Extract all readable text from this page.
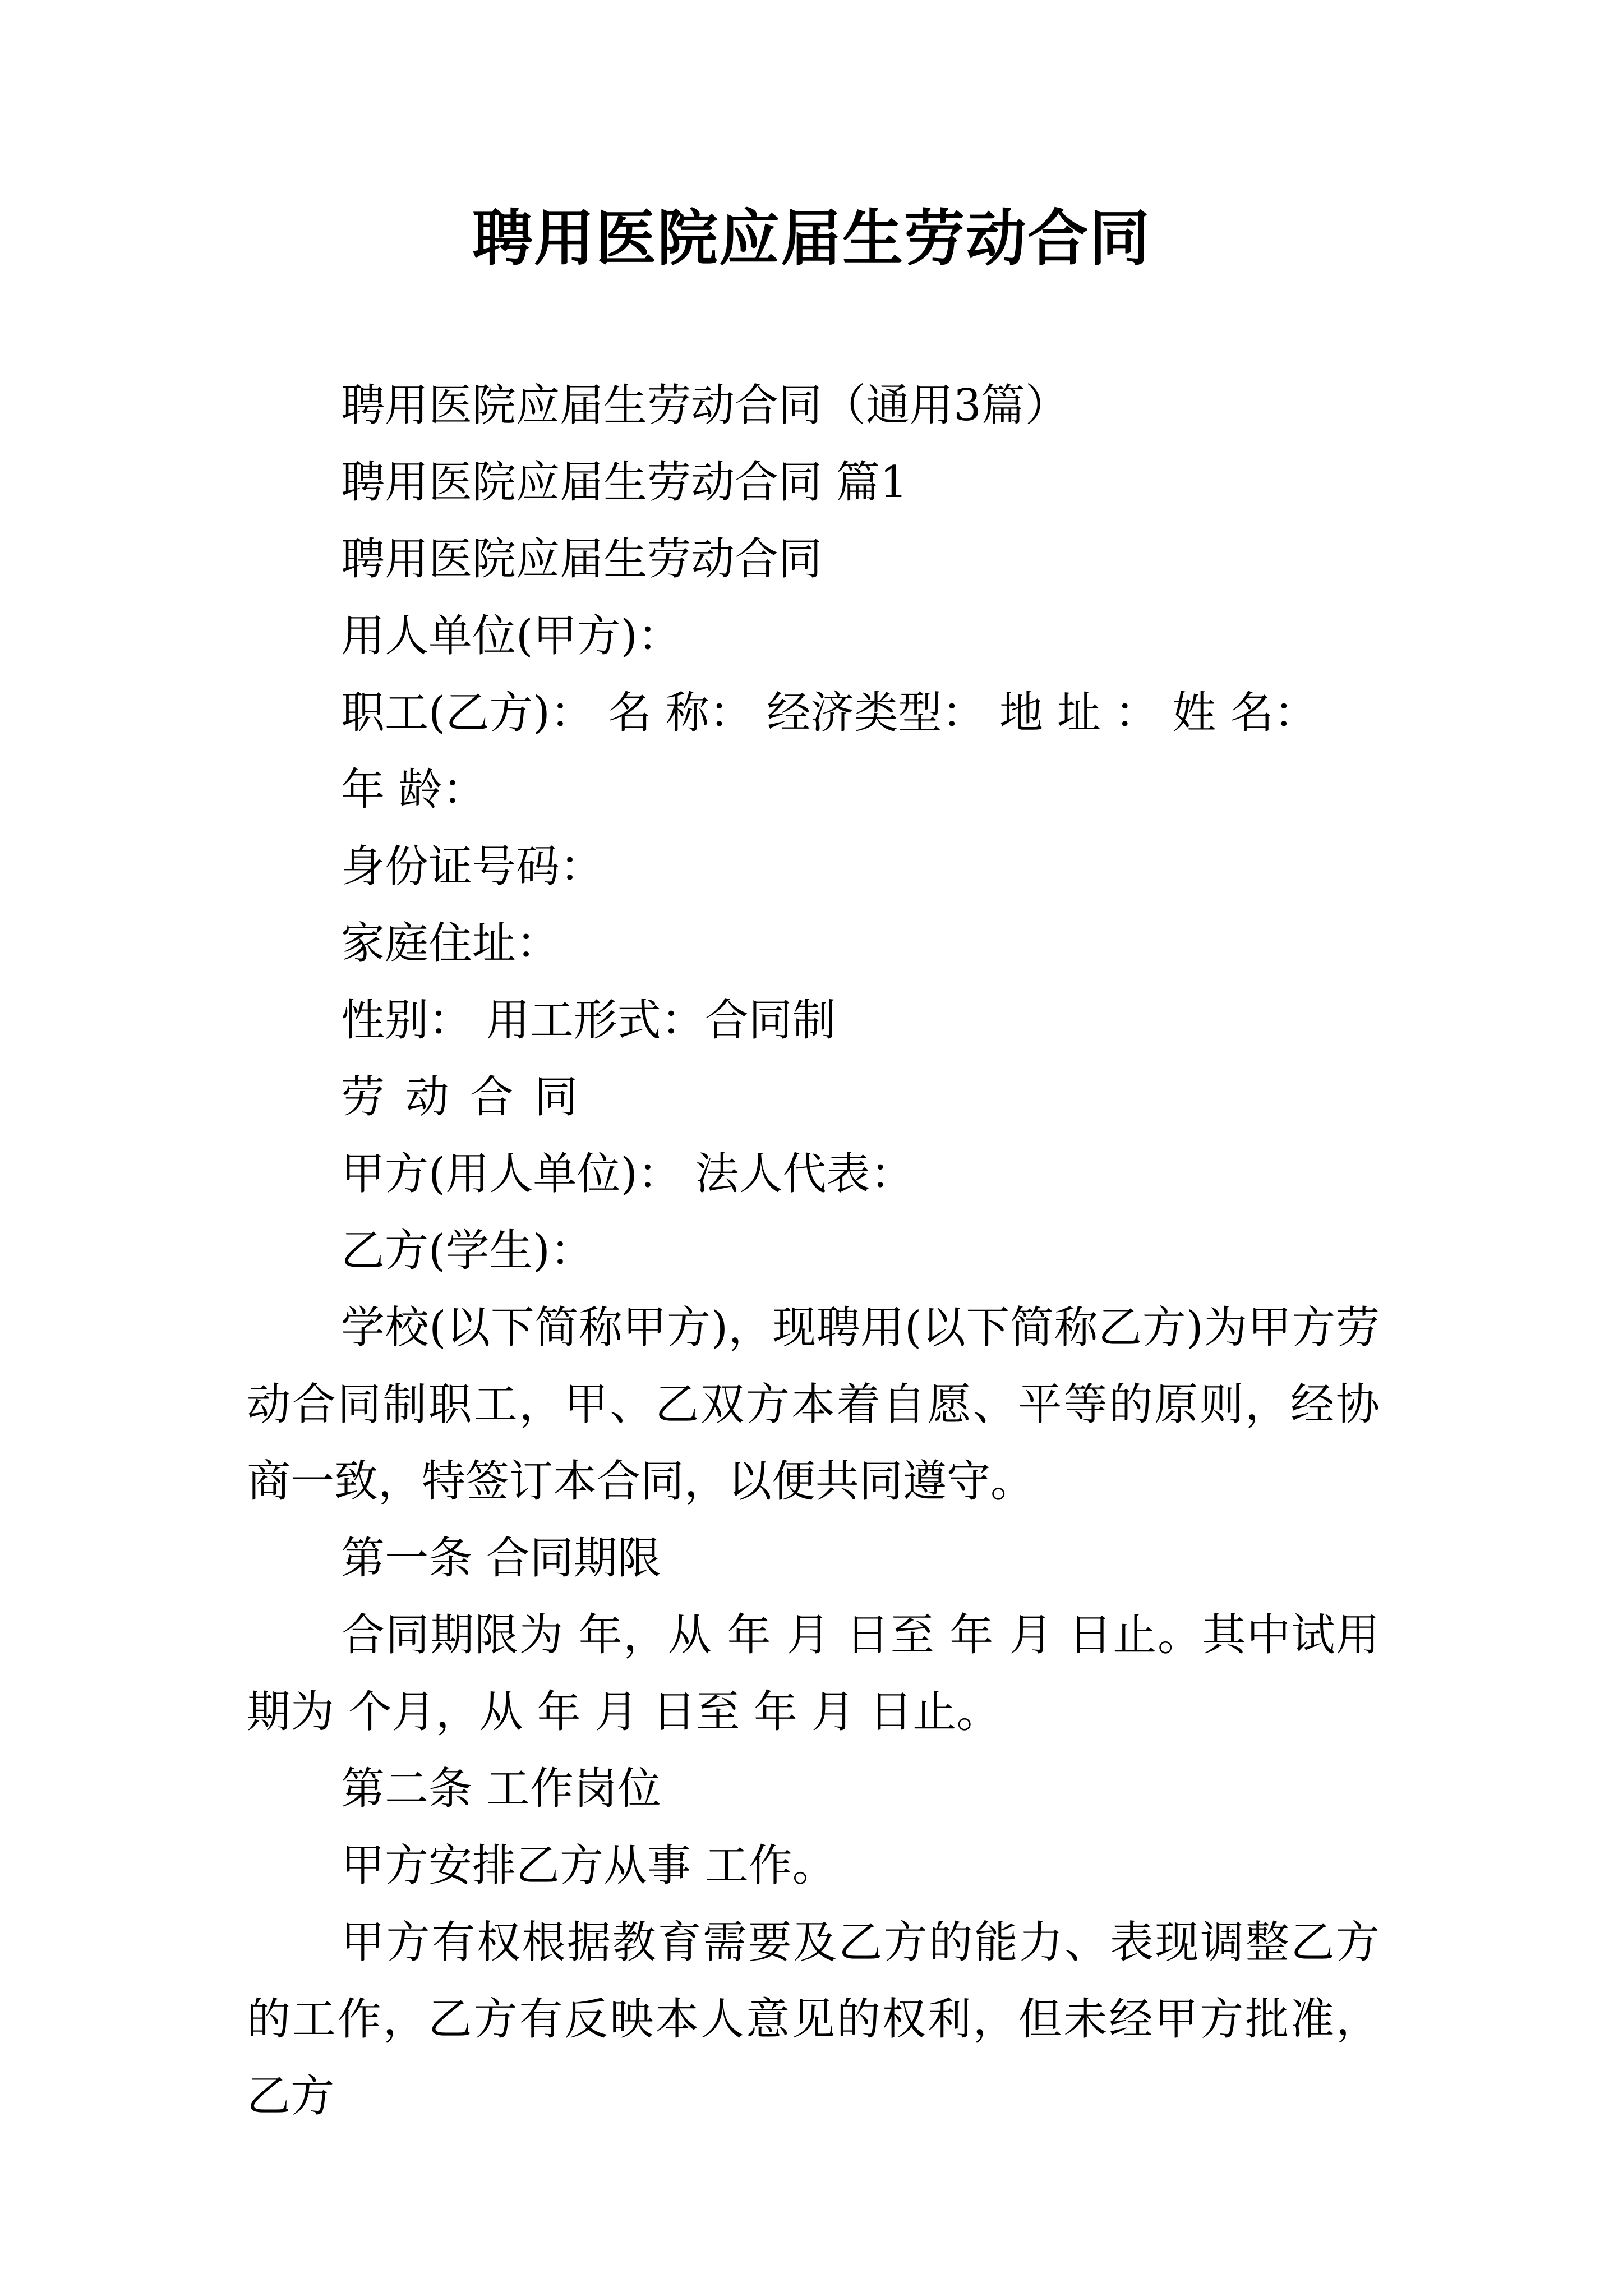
聘用医院应届生劳动合同

聘用医院应届生劳动合同（通用3篇）

聘用医院应届生劳动合同 篇1

聘用医院应届生劳动合同

用人单位(甲方)：

职工(乙方)： 名 称： 经济类型： 地 址 ： 姓 名：

年 龄：

身份证号码：

家庭住址：

性别： 用工形式：合同制

劳 动 合 同

甲方(用人单位)： 法人代表：

乙方(学生)：

学校(以下简称甲方)，现聘用(以下简称乙方)为甲方劳动合同制职工，甲、乙双方本着自愿、平等的原则，经协商一致，特签订本合同，以便共同遵守。

第一条 合同期限

合同期限为 年，从 年 月 日至 年 月 日止。其中试用期为 个月，从 年 月 日至 年 月 日止。

第二条 工作岗位

甲方安排乙方从事 工作。

甲方有权根据教育需要及乙方的能力、表现调整乙方的工作，乙方有反映本人意见的权利，但未经甲方批准，乙方
